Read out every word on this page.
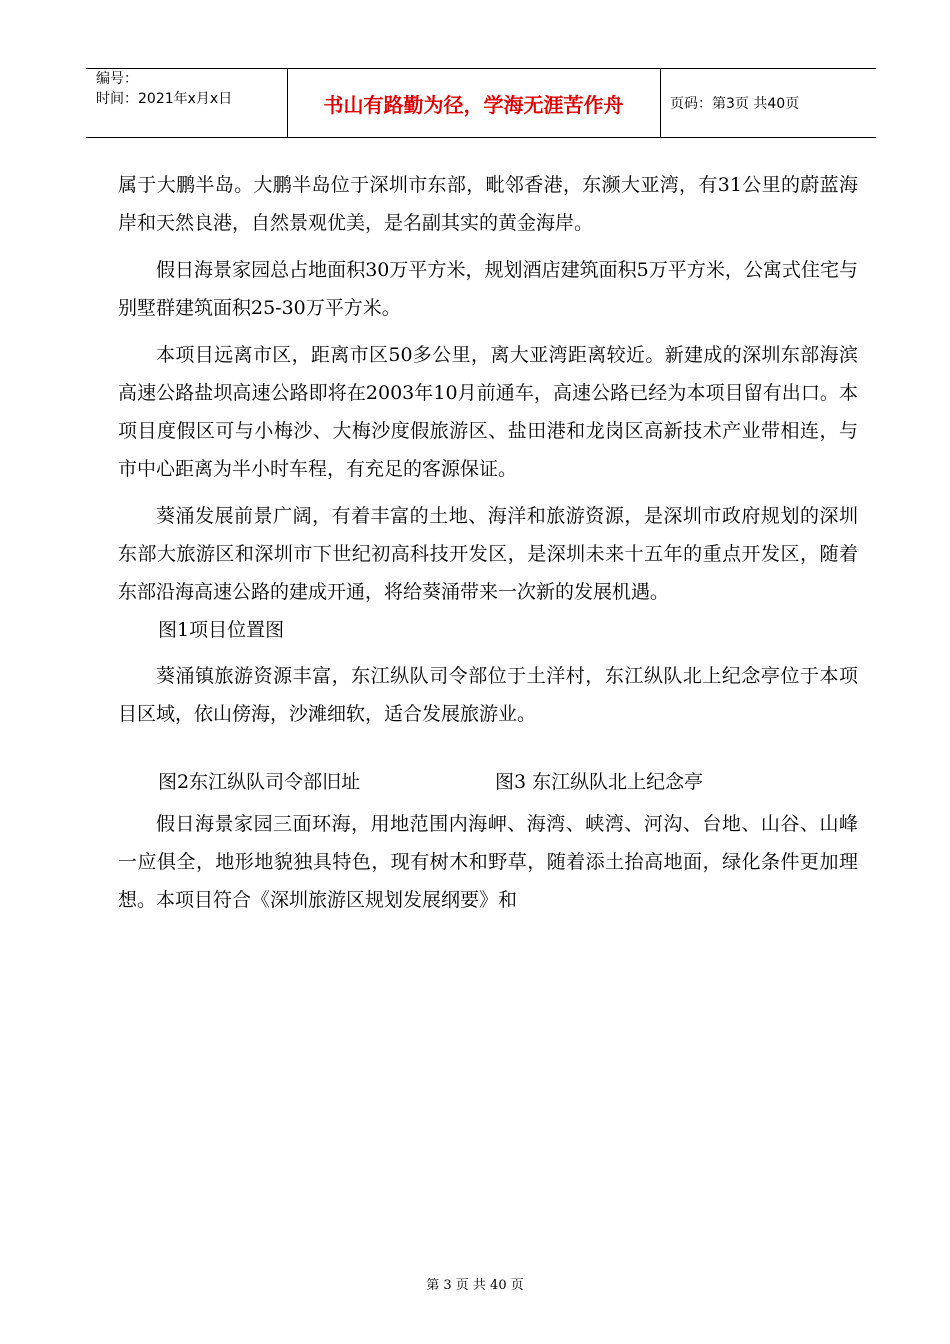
编号：
时间：2021年x月x日	书山有路勤为径，学海无涯苦作舟	页码：第3页 共40页

属于大鹏半岛。大鹏半岛位于深圳市东部，毗邻香港，东濒大亚湾，有31公里的蔚蓝海岸和天然良港，自然景观优美，是名副其实的黄金海岸。

假日海景家园总占地面积30万平方米，规划酒店建筑面积5万平方米，公寓式住宅与别墅群建筑面积25-30万平方米。

本项目远离市区，距离市区50多公里，离大亚湾距离较近。新建成的深圳东部海滨高速公路盐坝高速公路即将在2003年10月前通车，高速公路已经为本项目留有出口。本项目度假区可与小梅沙、大梅沙度假旅游区、盐田港和龙岗区高新技术产业带相连，与市中心距离为半小时车程，有充足的客源保证。

葵涌发展前景广阔，有着丰富的土地、海洋和旅游资源，是深圳市政府规划的深圳东部大旅游区和深圳市下世纪初高科技开发区，是深圳未来十五年的重点开发区，随着东部沿海高速公路的建成开通，将给葵涌带来一次新的发展机遇。

图1项目位置图

葵涌镇旅游资源丰富，东江纵队司令部位于土洋村，东江纵队北上纪念亭位于本项目区域，依山傍海，沙滩细软，适合发展旅游业。

图2东江纵队司令部旧址	图3 东江纵队北上纪念亭

假日海景家园三面环海，用地范围内海岬、海湾、峡湾、河沟、台地、山谷、山峰一应俱全，地形地貌独具特色，现有树木和野草，随着添土抬高地面，绿化条件更加理想。本项目符合《深圳旅游区规划发展纲要》和

第 3 页 共 40 页
